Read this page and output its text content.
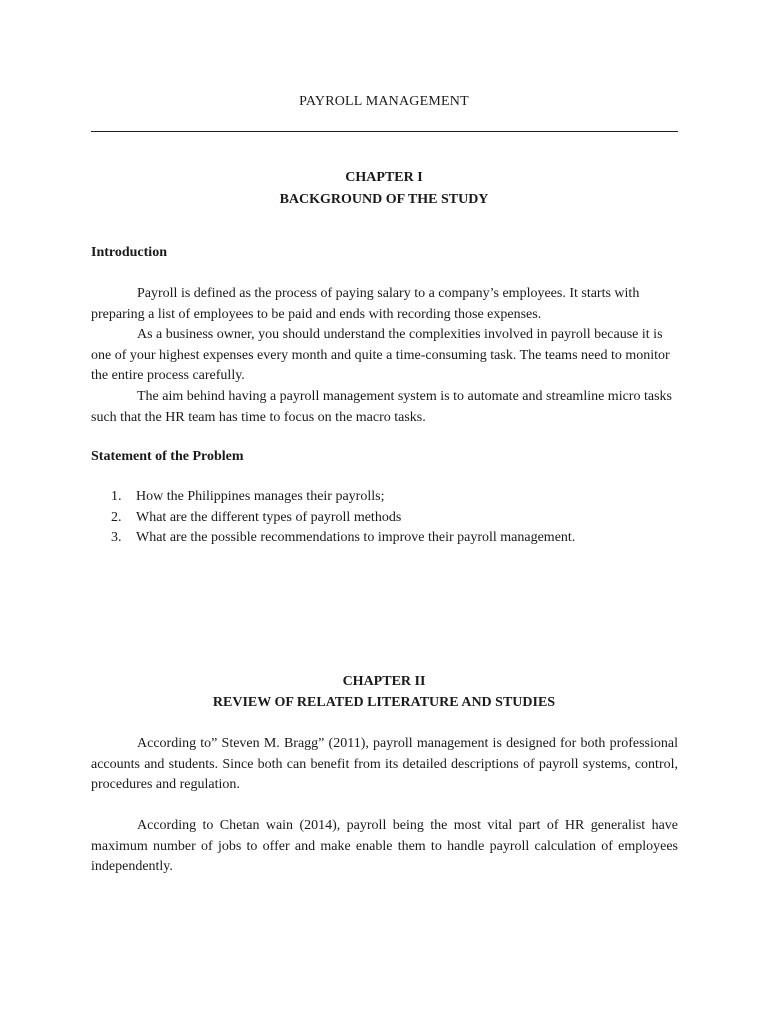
PAYROLL MANAGEMENT
CHAPTER I
BACKGROUND OF THE STUDY
Introduction

Payroll is defined as the process of paying salary to a company’s employees. It starts with preparing a list of employees to be paid and ends with recording those expenses.

As a business owner, you should understand the complexities involved in payroll because it is one of your highest expenses every month and quite a time-consuming task. The teams need to monitor the entire process carefully.

The aim behind having a payroll management system is to automate and streamline micro tasks such that the HR team has time to focus on the macro tasks.

Statement of the Problem
1. How the Philippines manages their payrolls;
2. What are the different types of payroll methods
3. What are the possible recommendations to improve their payroll management.
CHAPTER II
REVIEW OF RELATED LITERATURE AND STUDIES

According to” Steven M. Bragg” (2011), payroll management is designed for both professional accounts and students. Since both can benefit from its detailed descriptions of payroll systems, control, procedures and regulation.

According to Chetan wain (2014), payroll being the most vital part of HR generalist have maximum number of jobs to offer and make enable them to handle payroll calculation of employees independently.
